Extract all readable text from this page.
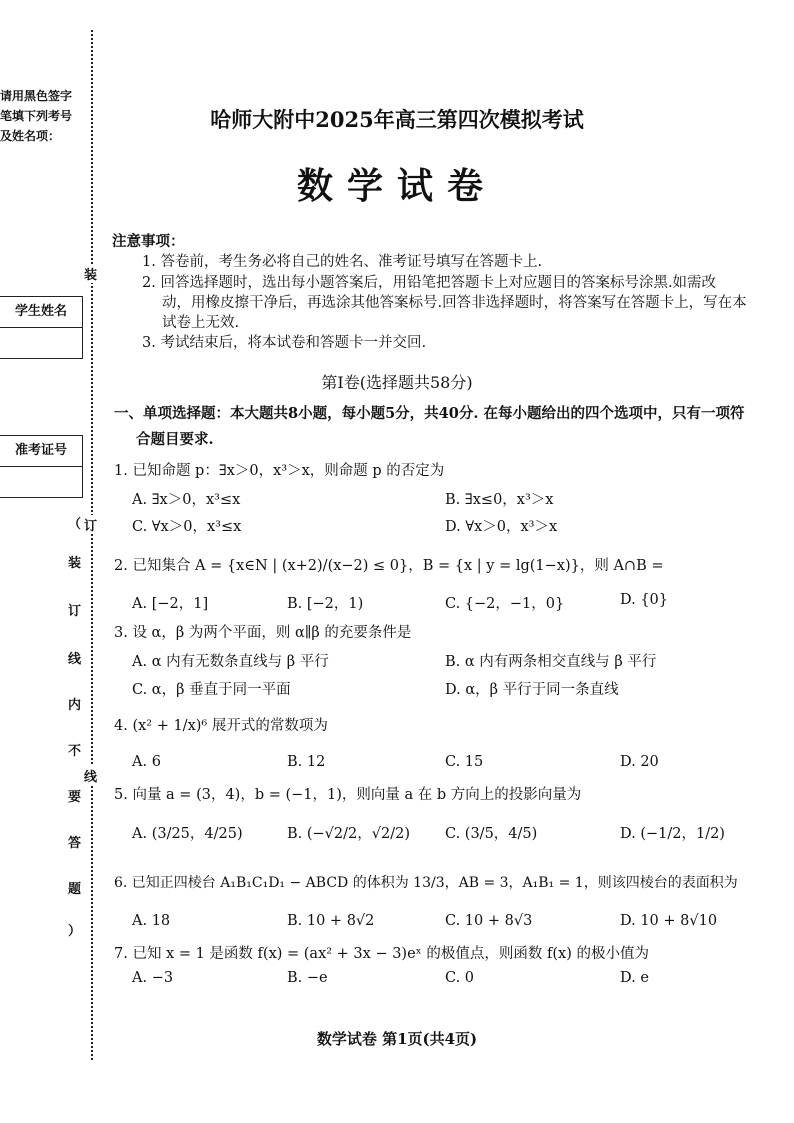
请用黑色签字
笔填下列考号
及姓名项：
学生姓名
准考证号
装
订
线
（
装
订
线
内
不
要
答
题
）
哈师大附中2025年高三第四次模拟考试
数学试卷
注意事项：
1. 答卷前，考生务必将自己的姓名、准考证号填写在答题卡上.
2. 回答选择题时，选出每小题答案后，用铅笔把答题卡上对应题目的答案标号涂黑.如需改
动，用橡皮擦干净后，再选涂其他答案标号.回答非选择题时，将答案写在答题卡上，写在本
试卷上无效.
3. 考试结束后，将本试卷和答题卡一并交回.
第Ⅰ卷(选择题共58分)
一、单项选择题：本大题共8小题，每小题5分，共40分. 在每小题给出的四个选项中，只有一项符
合题目要求.
1. 已知命题 p：∃x＞0，x³＞x，则命题 p 的否定为
A. ∃x＞0，x³≤x	B. ∃x≤0，x³＞x
C. ∀x＞0，x³≤x	D. ∀x＞0，x³＞x
2. 已知集合 A = {x∈N | (x+2)/(x−2) ≤ 0}，B = {x | y = lg(1−x)}，则 A∩B =
A. [−2，1]	B. [−2，1)	C. {−2，−1，0}	D. {0}
3. 设 α，β 为两个平面，则 α∥β 的充要条件是
A. α 内有无数条直线与 β 平行	B. α 内有两条相交直线与 β 平行
C. α，β 垂直于同一平面	D. α，β 平行于同一条直线
4. (x² + 1/x)⁶ 展开式的常数项为
A. 6	B. 12	C. 15	D. 20
5. 向量 a = (3，4)，b = (−1，1)，则向量 a 在 b 方向上的投影向量为
A. (3/25，4/25)	B. (−√2/2，√2/2) C. (3/5，4/5)	D. (−1/2，1/2)
6. 已知正四棱台 A₁B₁C₁D₁ − ABCD 的体积为 13/3，AB = 3，A₁B₁ = 1，则该四棱台的表面积为
A. 18	B. 10 + 8√2	C. 10 + 8√3	D. 10 + 8√10
7. 已知 x = 1 是函数 f(x) = (ax² + 3x − 3)eˣ 的极值点，则函数 f(x) 的极小值为
A. −3	B. −e	C. 0	D. e
数学试卷 第1页(共4页)
